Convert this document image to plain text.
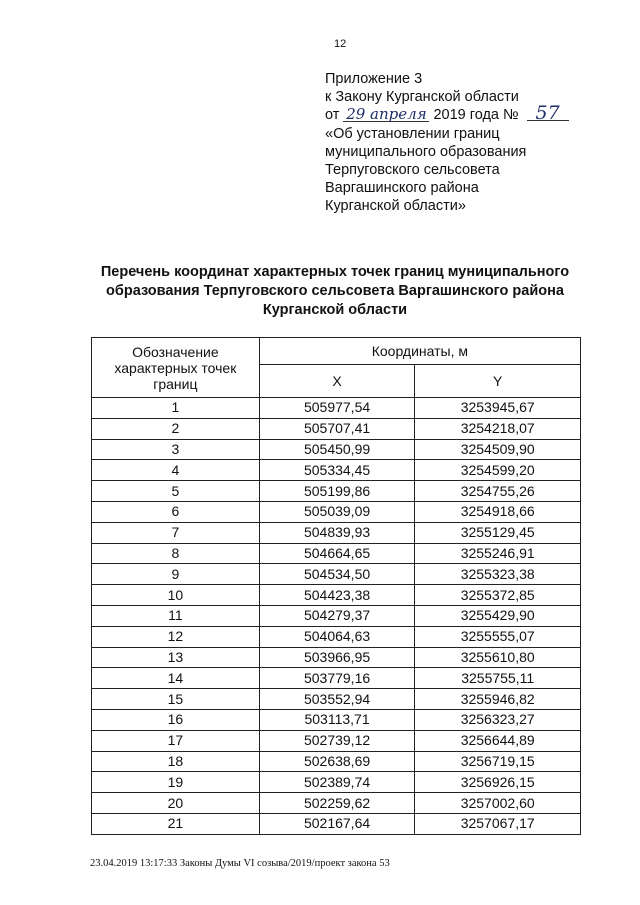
12
Приложение 3
к Закону Курганской области
от 29 апреля 2019 года № 57
«Об установлении границ
муниципального образования
Терпуговского сельсовета
Варгашинского района
Курганской области»
Перечень координат характерных точек границ муниципального
образования Терпуговского сельсовета Варгашинского района
Курганской области
Обозначение характерных точек границ	Координаты, м	
	X	Y
1	505977,54	3253945,67
2	505707,41	3254218,07
3	505450,99	3254509,90
4	505334,45	3254599,20
5	505199,86	3254755,26
6	505039,09	3254918,66
7	504839,93	3255129,45
8	504664,65	3255246,91
9	504534,50	3255323,38
10	504423,38	3255372,85
11	504279,37	3255429,90
12	504064,63	3255555,07
13	503966,95	3255610,80
14	503779,16	3255755,11
15	503552,94	3255946,82
16	503113,71	3256323,27
17	502739,12	3256644,89
18	502638,69	3256719,15
19	502389,74	3256926,15
20	502259,62	3257002,60
21	502167,64	3257067,17
23.04.2019 13:17:33 Законы Думы VI созыва/2019/проект закона 53
